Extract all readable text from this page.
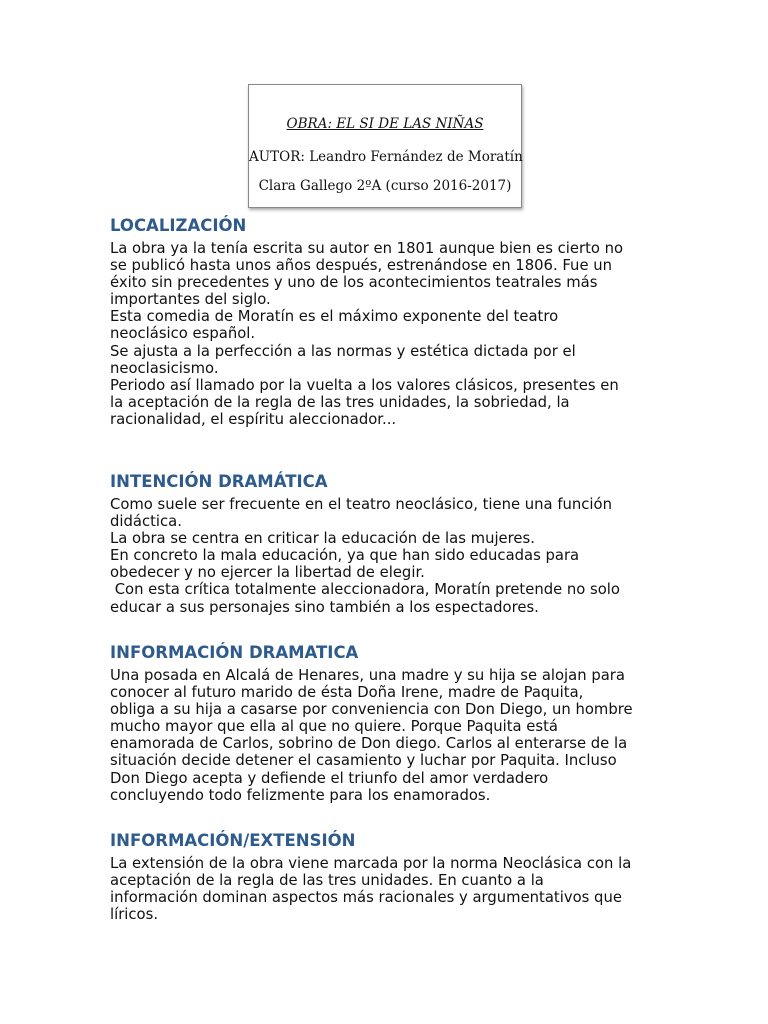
OBRA: EL SI DE LAS NIÑAS
AUTOR: Leandro Fernández de Moratín
Clara Gallego 2ºA (curso 2016-2017)
LOCALIZACIÓN

La obra ya la tenía escrita su autor en 1801 aunque bien es cierto no
se publicó hasta unos años después, estrenándose en 1806. Fue un
éxito sin precedentes y uno de los acontecimientos teatrales más
importantes del siglo.
Esta comedia de Moratín es el máximo exponente del teatro
neoclásico español.
Se ajusta a la perfección a las normas y estética dictada por el
neoclasicismo.
Periodo así llamado por la vuelta a los valores clásicos, presentes en
la aceptación de la regla de las tres unidades, la sobriedad, la
racionalidad, el espíritu aleccionador...

INTENCIÓN DRAMÁTICA

Como suele ser frecuente en el teatro neoclásico, tiene una función
didáctica.
La obra se centra en criticar la educación de las mujeres.
En concreto la mala educación, ya que han sido educadas para
obedecer y no ejercer la libertad de elegir.
Con esta crítica totalmente aleccionadora, Moratín pretende no solo
educar a sus personajes sino también a los espectadores.

INFORMACIÓN DRAMATICA

Una posada en Alcalá de Henares, una madre y su hija se alojan para
conocer al futuro marido de ésta Doña Irene, madre de Paquita,
obliga a su hija a casarse por conveniencia con Don Diego, un hombre
mucho mayor que ella al que no quiere. Porque Paquita está
enamorada de Carlos, sobrino de Don diego. Carlos al enterarse de la
situación decide detener el casamiento y luchar por Paquita. Incluso
Don Diego acepta y defiende el triunfo del amor verdadero
concluyendo todo felizmente para los enamorados.

INFORMACIÓN/EXTENSIÓN

La extensión de la obra viene marcada por la norma Neoclásica con la
aceptación de la regla de las tres unidades. En cuanto a la
información dominan aspectos más racionales y argumentativos que
líricos.
